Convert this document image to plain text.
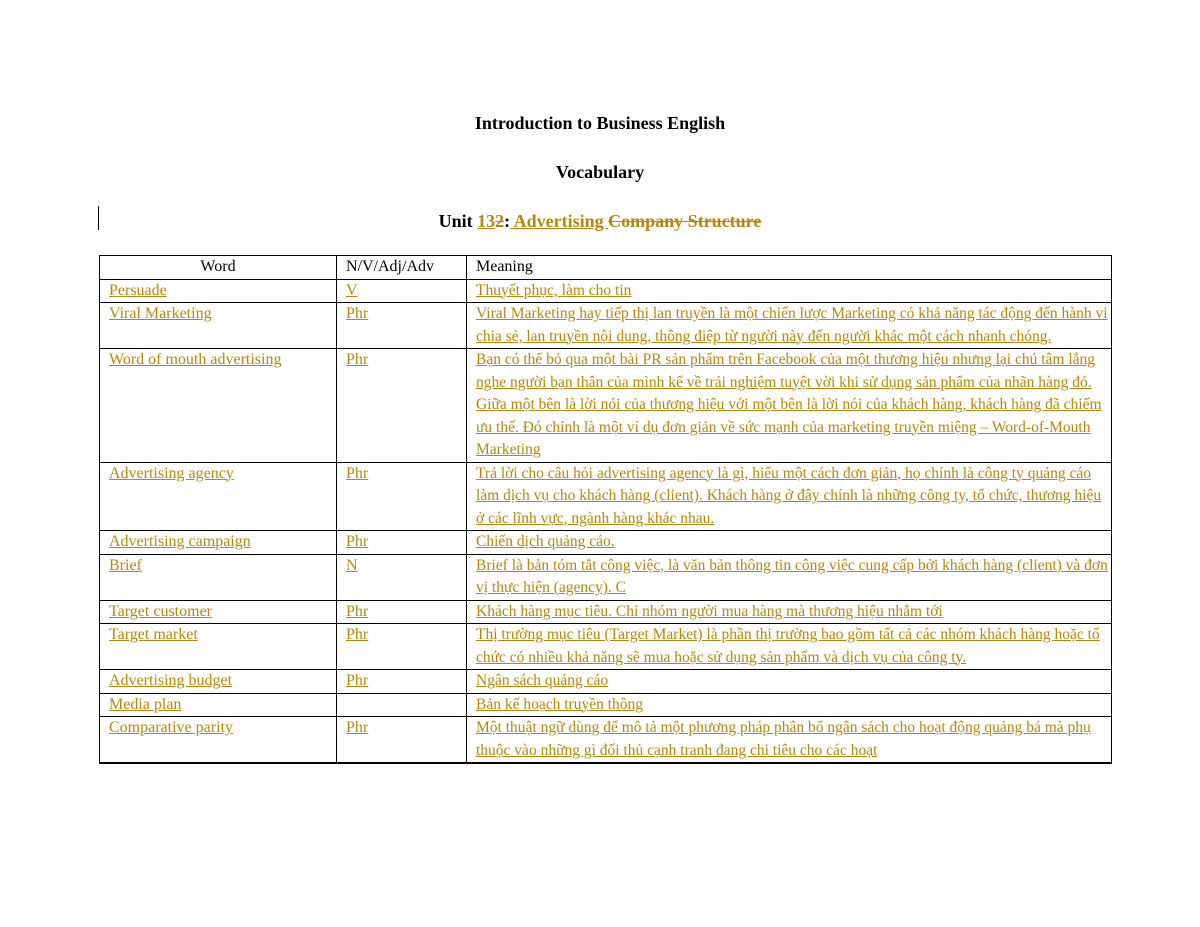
Introduction to Business English
Vocabulary
Unit 132: Advertising Company Structure
Word	N/V/Adj/Adv	Meaning
Persuade	V	Thuyết phục, làm cho tin
Viral Marketing	Phr	Viral Marketing hay tiếp thị lan truyền là một chiến lược Marketing có khả năng tác động đến hành vi chia sẻ, lan truyền nội dung, thông điệp từ người này đến người khác một cách nhanh chóng.
Word of mouth advertising	Phr	Bạn có thể bỏ qua một bài PR sản phẩm trên Facebook của một thương hiệu nhưng lại chú tâm lắng nghe người bạn thân của mình kể về trải nghiệm tuyệt vời khi sử dụng sản phẩm của nhãn hàng đó. Giữa một bên là lời nói của thương hiệu với một bên là lời nói của khách hàng, khách hàng đã chiếm ưu thế. Đó chính là một ví dụ đơn giản về sức mạnh của marketing truyền miệng – Word-of-Mouth Marketing
Advertising agency	Phr	Trả lời cho câu hỏi advertising agency là gì, hiểu một cách đơn giản, họ chính là công ty quảng cáo làm dịch vụ cho khách hàng (client). Khách hàng ở đây chính là những công ty, tổ chức, thương hiệu ở các lĩnh vực, ngành hàng khác nhau.
Advertising campaign	Phr	Chiến dịch quảng cáo.
Brief	N	Brief là bản tóm tắt công việc, là văn bản thông tin công việc cung cấp bởi khách hàng (client) và đơn vị thực hiện (agency). C
Target customer	Phr	Khách hàng mục tiêu. Chỉ nhóm người mua hàng mà thương hiệu nhắm tới
Target market	Phr	Thị trường mục tiêu (Target Market) là phần thị trường bao gồm tất cả các nhóm khách hàng hoặc tổ chức có nhiều khả năng sẽ mua hoặc sử dụng sản phẩm và dịch vụ của công ty.
Advertising budget	Phr	Ngân sách quảng cáo
Media plan		Bản kế hoạch truyền thông
Comparative parity	Phr	Một thuật ngữ dùng để mô tả một phương pháp phân bổ ngân sách cho hoạt động quảng bá mà phụ thuộc vào những gì đối thủ cạnh tranh đang chi tiêu cho các hoạt
